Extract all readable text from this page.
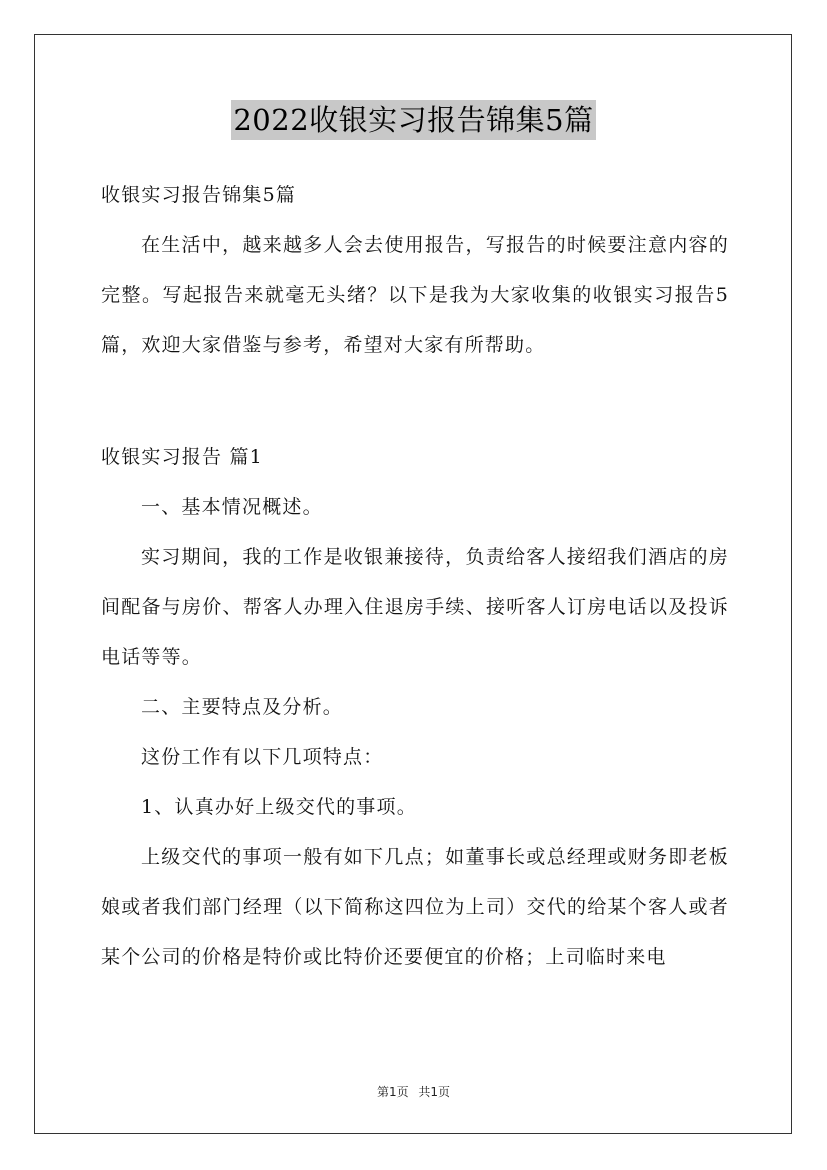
2022收银实习报告锦集5篇

收银实习报告锦集5篇

在生活中，越来越多人会去使用报告，写报告的时候要注意内容的完整。写起报告来就毫无头绪？以下是我为大家收集的收银实习报告5篇，欢迎大家借鉴与参考，希望对大家有所帮助。

收银实习报告 篇1

一、基本情况概述。

实习期间，我的工作是收银兼接待，负责给客人接绍我们酒店的房间配备与房价、帮客人办理入住退房手续、接听客人订房电话以及投诉电话等等。

二、主要特点及分析。

这份工作有以下几项特点：

1、认真办好上级交代的事项。

上级交代的事项一般有如下几点；如董事长或总经理或财务即老板娘或者我们部门经理（以下简称这四位为上司）交代的给某个客人或者某个公司的价格是特价或比特价还要便宜的价格；上司临时来电

第1页 共1页
